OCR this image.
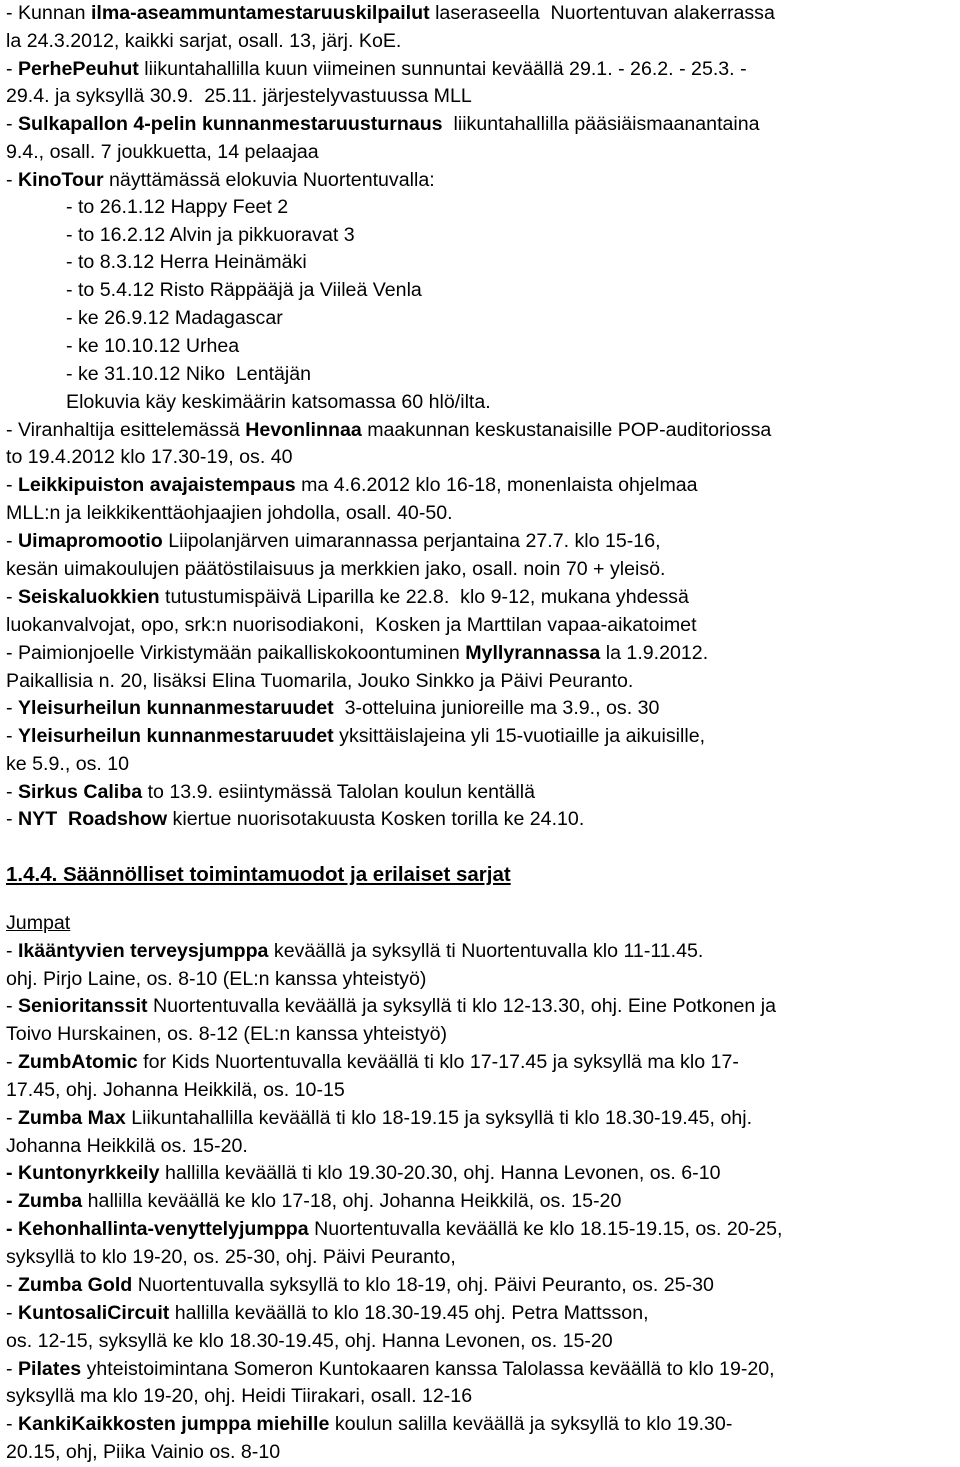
- Kunnan ilma-aseammuntamestaruuskilpailut laseraseella  Nuortentuvan alakerrassa
la 24.3.2012, kaikki sarjat, osall. 13, järj. KoE.
- PerhePeuhut liikuntahallilla kuun viimeinen sunnuntai keväällä 29.1. - 26.2. - 25.3. -
29.4. ja syksyllä 30.9.  25.11. järjestelyvastuussa MLL
- Sulkapallon 4-pelin kunnanmestaruusturnaus  liikuntahallilla pääsiäismaanantaina
9.4., osall. 7 joukkuetta, 14 pelaajaa
- KinoTour näyttämässä elokuvia Nuortentuvalla:
- to 26.1.12 Happy Feet 2
- to 16.2.12 Alvin ja pikkuoravat 3
- to 8.3.12 Herra Heinämäki
- to 5.4.12 Risto Räppääjä ja Viileä Venla
- ke 26.9.12 Madagascar
- ke 10.10.12 Urhea
- ke 31.10.12 Niko  Lentäjän
Elokuvia käy keskimäärin katsomassa 60 hlö/ilta.
- Viranhaltija esittelemässä Hevonlinnaa maakunnan keskustanaisille POP-auditoriossa
to 19.4.2012 klo 17.30-19, os. 40
- Leikkipuiston avajaistempaus ma 4.6.2012 klo 16-18, monenlaista ohjelmaa
MLL:n ja leikkikenttäohjaajien johdolla, osall. 40-50.
- Uimapromootio Liipolanjärven uimarannassa perjantaina 27.7. klo 15-16,
kesän uimakoulujen päätöstilaisuus ja merkkien jako, osall. noin 70 + yleisö.
- Seiskaluokkien tutustumispäivä Liparilla ke 22.8.  klo 9-12, mukana yhdessä
luokanvalvojat, opo, srk:n nuorisodiakoni,  Kosken ja Marttilan vapaa-aikatoimet
- Paimionjoelle Virkistymään paikalliskokoontuminen Myllyrannassa la 1.9.2012.
Paikallisia n. 20, lisäksi Elina Tuomarila, Jouko Sinkko ja Päivi Peuranto.
- Yleisurheilun kunnanmestaruudet  3-otteluina junioreille ma 3.9., os. 30
- Yleisurheilun kunnanmestaruudet yksittäislajeina yli 15-vuotiaille ja aikuisille,
ke 5.9., os. 10
- Sirkus Caliba to 13.9. esiintymässä Talolan koulun kentällä
- NYT  Roadshow kiertue nuorisotakuusta Kosken torilla ke 24.10.
1.4.4. Säännölliset toimintamuodot ja erilaiset sarjat
Jumpat
- Ikääntyvien terveysjumppa keväällä ja syksyllä ti Nuortentuvalla klo 11-11.45.
ohj. Pirjo Laine, os. 8-10 (EL:n kanssa yhteistyö)
- Senioritanssit Nuortentuvalla keväällä ja syksyllä ti klo 12-13.30, ohj. Eine Potkonen ja
Toivo Hurskainen, os. 8-12 (EL:n kanssa yhteistyö)
- ZumbAtomic for Kids Nuortentuvalla keväällä ti klo 17-17.45 ja syksyllä ma klo 17-
17.45, ohj. Johanna Heikkilä, os. 10-15
- Zumba Max Liikuntahallilla keväällä ti klo 18-19.15 ja syksyllä ti klo 18.30-19.45, ohj.
Johanna Heikkilä os. 15-20.
- Kuntonyrkkeily hallilla keväällä ti klo 19.30-20.30, ohj. Hanna Levonen, os. 6-10
- Zumba hallilla keväällä ke klo 17-18, ohj. Johanna Heikkilä, os. 15-20
- Kehonhallinta-venyttelyjumppa Nuortentuvalla keväällä ke klo 18.15-19.15, os. 20-25,
syksyllä to klo 19-20, os. 25-30, ohj. Päivi Peuranto,
- Zumba Gold Nuortentuvalla syksyllä to klo 18-19, ohj. Päivi Peuranto, os. 25-30
- KuntosaliCircuit hallilla keväällä to klo 18.30-19.45 ohj. Petra Mattsson,
os. 12-15, syksyllä ke klo 18.30-19.45, ohj. Hanna Levonen, os. 15-20
- Pilates yhteistoimintana Someron Kuntokaaren kanssa Talolassa keväällä to klo 19-20,
syksyllä ma klo 19-20, ohj. Heidi Tiirakari, osall. 12-16
- KankiKaikkosten jumppa miehille koulun salilla keväällä ja syksyllä to klo 19.30-
20.15, ohj, Piika Vainio os. 8-10
